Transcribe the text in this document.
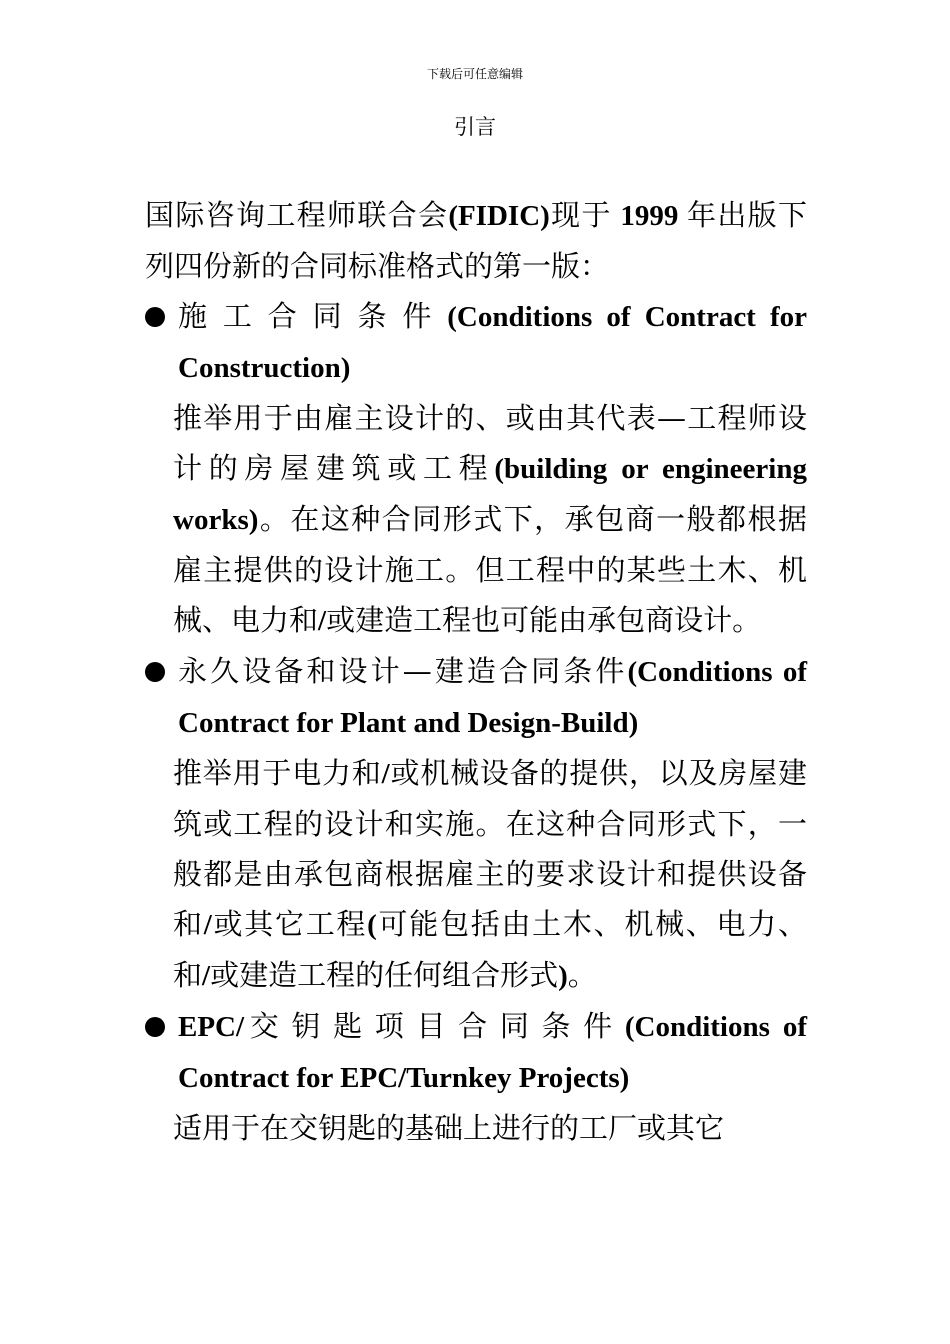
下载后可任意编辑
引言

国际咨询工程师联合会(FIDIC)现于 1999 年出版下列四份新的合同标准格式的第一版：

施工合同条件(Conditions of Contract for Construction)

推举用于由雇主设计的、或由其代表—工程师设计的房屋建筑或工程(building or engineering works)。在这种合同形式下，承包商一般都根据雇主提供的设计施工。但工程中的某些土木、机械、电力和/或建造工程也可能由承包商设计。

永久设备和设计—建造合同条件(Conditions of Contract for Plant and Design-Build)

推举用于电力和/或机械设备的提供，以及房屋建筑或工程的设计和实施。在这种合同形式下，一般都是由承包商根据雇主的要求设计和提供设备和/或其它工程(可能包括由土木、机械、电力、和/或建造工程的任何组合形式)。

EPC/交钥匙项目合同条件(Conditions of Contract for EPC/Turnkey Projects)

适用于在交钥匙的基础上进行的工厂或其它
